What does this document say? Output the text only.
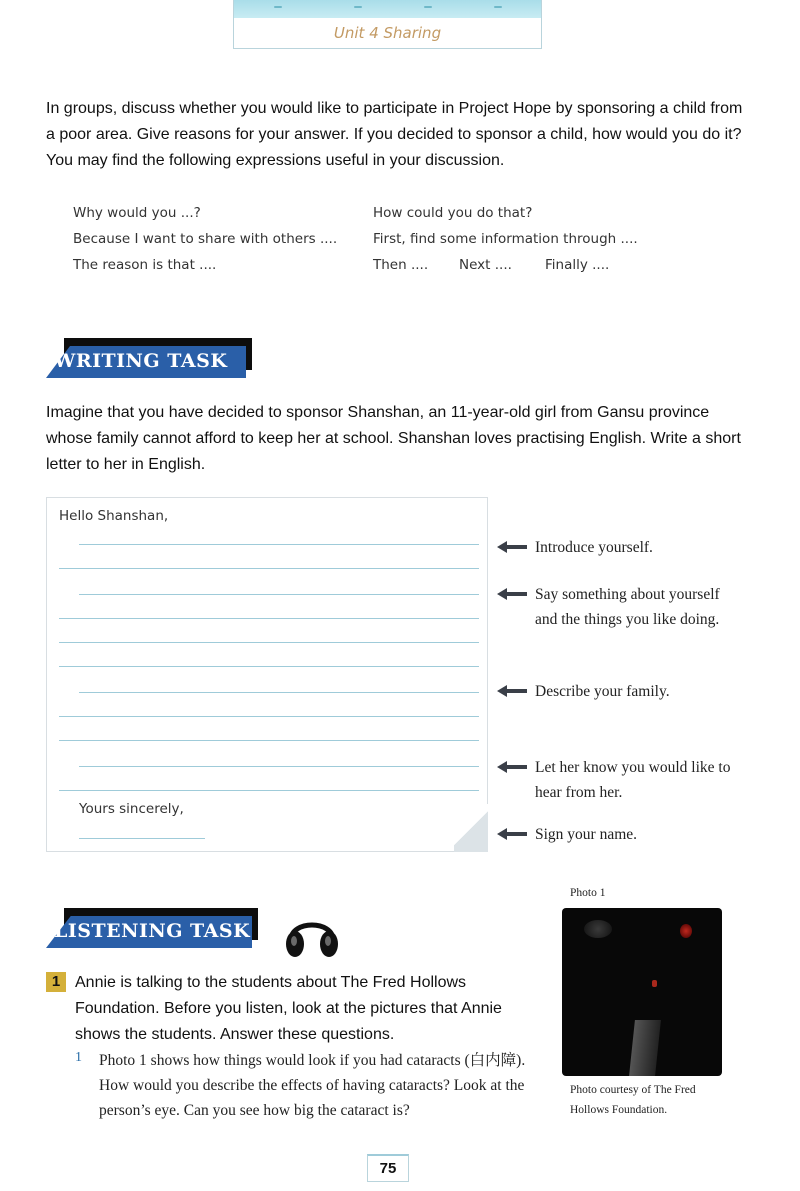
Unit 4 Sharing
In groups, discuss whether you would like to participate in Project Hope by sponsoring a child from a poor area. Give reasons for your answer. If you decided to sponsor a child, how would you do it? You may find the following expressions useful in your discussion.
Why would you ...?
Because I want to share with others ....
The reason is that ....
How could you do that?
First, find some information through ....
Then .... Next .... Finally ....
WRITING TASK
Imagine that you have decided to sponsor Shanshan, an 11-year-old girl from Gansu province whose family cannot afford to keep her at school. Shanshan loves practising English. Write a short letter to her in English.
Hello Shanshan,
Yours sincerely,
Introduce yourself.
Say something about yourself and the things you like doing.
Describe your family.
Let her know you would like to hear from her.
Sign your name.
LISTENING TASK
Photo 1
Photo courtesy of The Fred Hollows Foundation.
1 Annie is talking to the students about The Fred Hollows Foundation. Before you listen, look at the pictures that Annie shows the students. Answer these questions.
1 Photo 1 shows how things would look if you had cataracts (白内障). How would you describe the effects of having cataracts? Look at the person’s eye. Can you see how big the cataract is?
75
